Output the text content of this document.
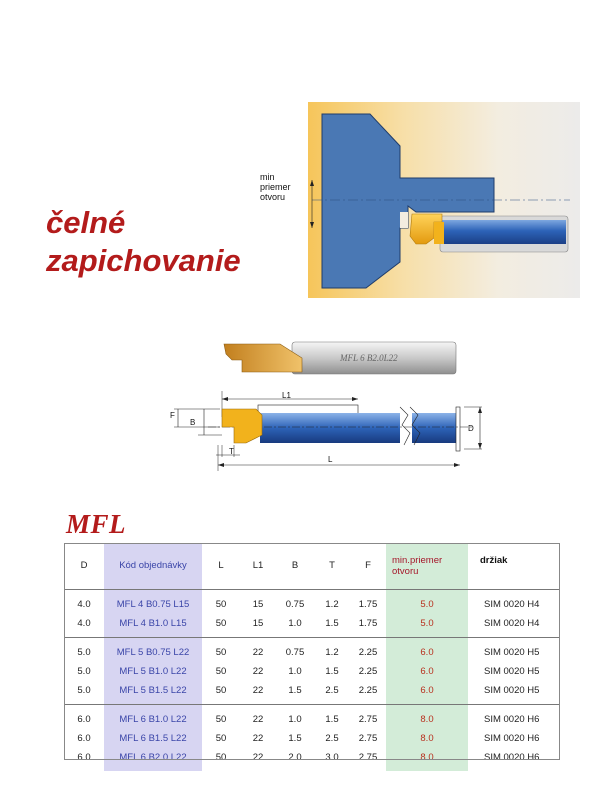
čelné
zapichovanie
min
priemer
otvoru
MFL 6 B2.0L22
L1
F
B
T
L
D
MFL
D	Kód objednávky	L	L1	B	T	F	min.priemer otvoru	držiak
4.0	MFL 4 B0.75 L15	50	15	0.75	1.2	1.75	5.0	SIM 0020 H4
4.0	MFL 4 B1.0 L15	50	15	1.0	1.5	1.75	5.0	SIM 0020 H4
5.0	MFL 5 B0.75 L22	50	22	0.75	1.2	2.25	6.0	SIM 0020 H5
5.0	MFL 5 B1.0 L22	50	22	1.0	1.5	2.25	6.0	SIM 0020 H5
5.0	MFL 5 B1.5 L22	50	22	1.5	2.5	2.25	6.0	SIM 0020 H5
6.0	MFL 6 B1.0 L22	50	22	1.0	1.5	2.75	8.0	SIM 0020 H6
6.0	MFL 6 B1.5 L22	50	22	1.5	2.5	2.75	8.0	SIM 0020 H6
6.0	MFL 6 B2.0 L22	50	22	2.0	3.0	2.75	8.0	SIM 0020 H6
